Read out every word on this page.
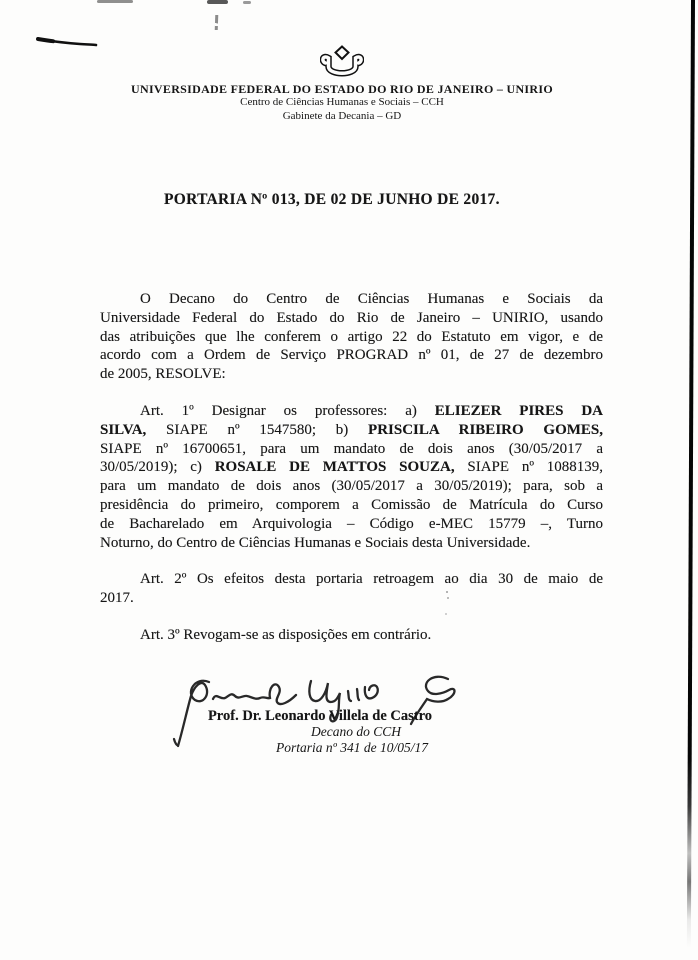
UNIVERSIDADE FEDERAL DO ESTADO DO RIO DE JANEIRO – UNIRIO
Centro de Ciências Humanas e Sociais – CCH
Gabinete da Decania – GD
PORTARIA Nº 013, DE 02 DE JUNHO DE 2017.
O Decano do Centro de Ciências Humanas e Sociais da
Universidade Federal do Estado do Rio de Janeiro – UNIRIO, usando
das atribuições que lhe conferem o artigo 22 do Estatuto em vigor, e de
acordo com a Ordem de Serviço PROGRAD nº 01, de 27 de dezembro
de 2005, RESOLVE:
Art. 1º Designar os professores: a) ELIEZER PIRES DA
SILVA, SIAPE nº 1547580; b) PRISCILA RIBEIRO GOMES,
SIAPE nº 16700651, para um mandato de dois anos (30/05/2017 a
30/05/2019); c) ROSALE DE MATTOS SOUZA, SIAPE nº 1088139,
para um mandato de dois anos (30/05/2017 a 30/05/2019); para, sob a
presidência do primeiro, comporem a Comissão de Matrícula do Curso
de Bacharelado em Arquivologia – Código e-MEC 15779 –, Turno
Noturno, do Centro de Ciências Humanas e Sociais desta Universidade.
Art. 2º Os efeitos desta portaria retroagem ao dia 30 de maio de
2017.
Art. 3º Revogam-se as disposições em contrário.
Prof. Dr. Leonardo Villela de Castro
Decano do CCH
Portaria nº 341 de 10/05/17
